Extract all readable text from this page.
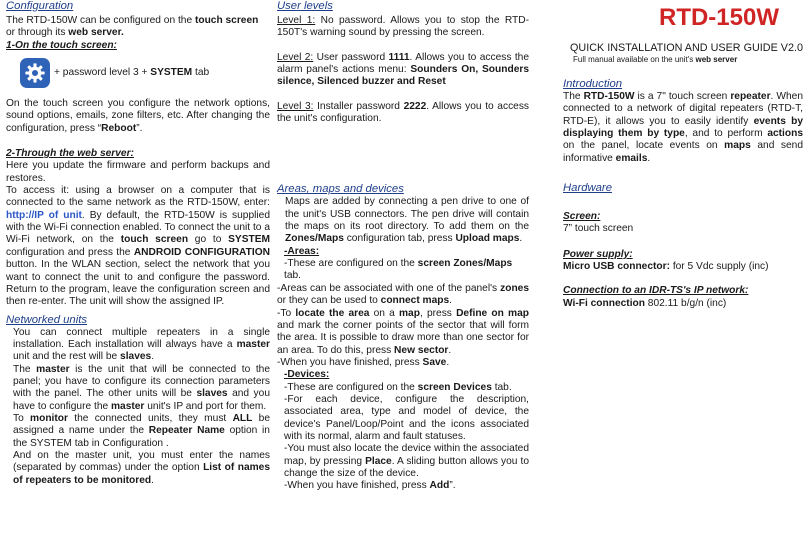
Configuration

The RTD-150W can be configured on the touch screen or through its web server.

1-On the touch screen:

+ password level 3 + SYSTEM tab

On the touch screen you configure the network options, sound options, emails, zone filters, etc. After changing the configuration, press “Reboot”.

2-Through the web server:

Here you update the firmware and perform backups and restores.

To access it: using a browser on a computer that is connected to the same network as the RTD-150W, enter: http://IP of unit. By default, the RTD-150W is supplied with the Wi-Fi connection enabled. To connect the unit to a Wi-Fi network, on the touch screen go to SYSTEM configuration and press the ANDROID CONFIGURATION button. In the WLAN section, select the network that you want to connect the unit to and configure the password. Return to the program, leave the configuration screen and then re-enter. The unit will show the assigned IP.

Networked units

You can connect multiple repeaters in a single installation. Each installation will always have a master unit and the rest will be slaves.

The master is the unit that will be connected to the panel; you have to configure its connection parameters with the panel. The other units will be slaves and you have to configure the master unit's IP and port for them.

To monitor the connected units, they must ALL be assigned a name under the Repeater Name option in the SYSTEM tab in Configuration .

And on the master unit, you must enter the names (separated by commas) under the option List of names of repeaters to be monitored.

User levels

Level 1: No password. Allows you to stop the RTD-150T's warning sound by pressing the screen.

Level 2: User password 1111. Allows you to access the alarm panel's actions menu: Sounders On, Sounders silence, Silenced buzzer and Reset

Level 3: Installer password 2222. Allows you to access the unit's configuration.

Areas, maps and devices

Maps are added by connecting a pen drive to one of the unit's USB connectors. The pen drive will contain the maps on its root directory. To add them on the Zones/Maps configuration tab, press Upload maps.

-Areas:

-These are configured on the screen Zones/Maps tab.

-Areas can be associated with one of the panel's zones or they can be used to connect maps.

-To locate the area on a map, press Define on map and mark the corner points of the sector that will form the area. It is possible to draw more than one sector for an area. To do this, press New sector.

-When you have finished, press Save.

-Devices:

-These are configured on the screen Devices tab.

-For each device, configure the description, associated area, type and model of device, the device's Panel/Loop/Point and the icons associated with its normal, alarm and fault statuses.

-You must also locate the device within the associated map, by pressing Place. A sliding button allows you to change the size of the device.

-When you have finished, press Add”.

RTD-150W

QUICK INSTALLATION AND USER GUIDE V2.0

Full manual available on the unit's web server

Introduction

The RTD-150W is a 7" touch screen repeater. When connected to a network of digital repeaters (RTD-T, RTD-E), it allows you to easily identify events by displaying them by type, and to perform actions on the panel, locate events on maps and send informative emails.

Hardware

Screen:

7” touch screen

Power supply:

Micro USB connector: for 5 Vdc supply (inc)

Connection to an IDR-TS's IP network:

Wi-Fi connection 802.11 b/g/n (inc)
